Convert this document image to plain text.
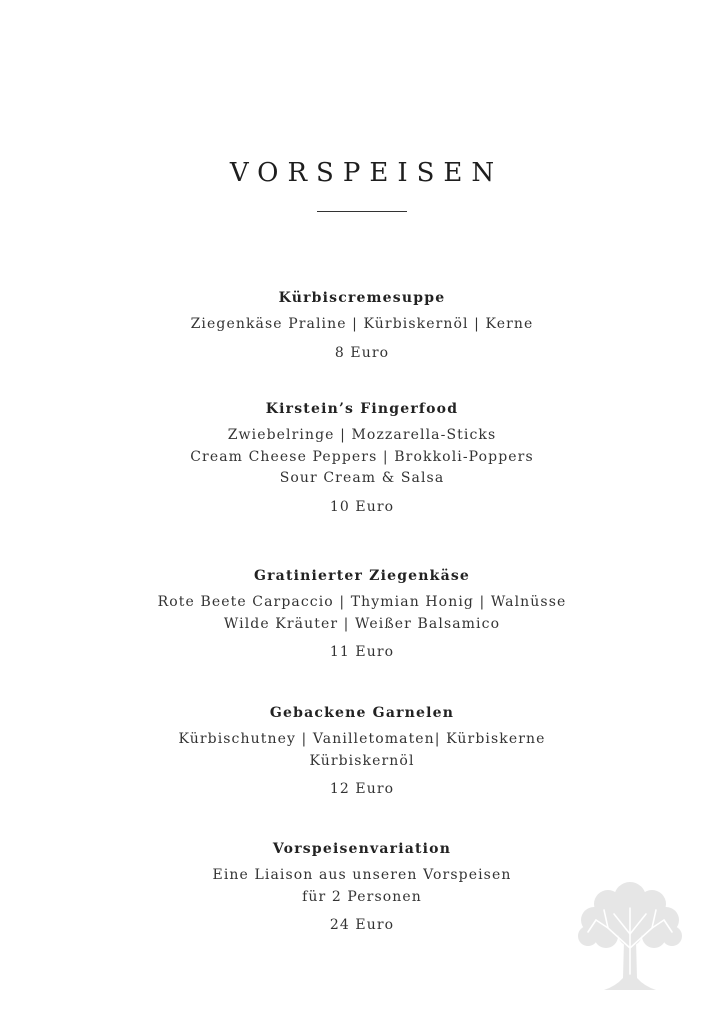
VORSPEISEN
Kürbiscremesuppe
Ziegenkäse Praline | Kürbiskernöl | Kerne
8 Euro
Kirstein’s Fingerfood
Zwiebelringe | Mozzarella-Sticks
Cream Cheese Peppers | Brokkoli-Poppers
Sour Cream & Salsa
10 Euro
Gratinierter Ziegenkäse
Rote Beete Carpaccio | Thymian Honig | Walnüsse
Wilde Kräuter | Weißer Balsamico
11 Euro
Gebackene Garnelen
Kürbischutney | Vanilletomaten| Kürbiskerne
Kürbiskernöl
12 Euro
Vorspeisenvariation
Eine Liaison aus unseren Vorspeisen
für 2 Personen
24 Euro
